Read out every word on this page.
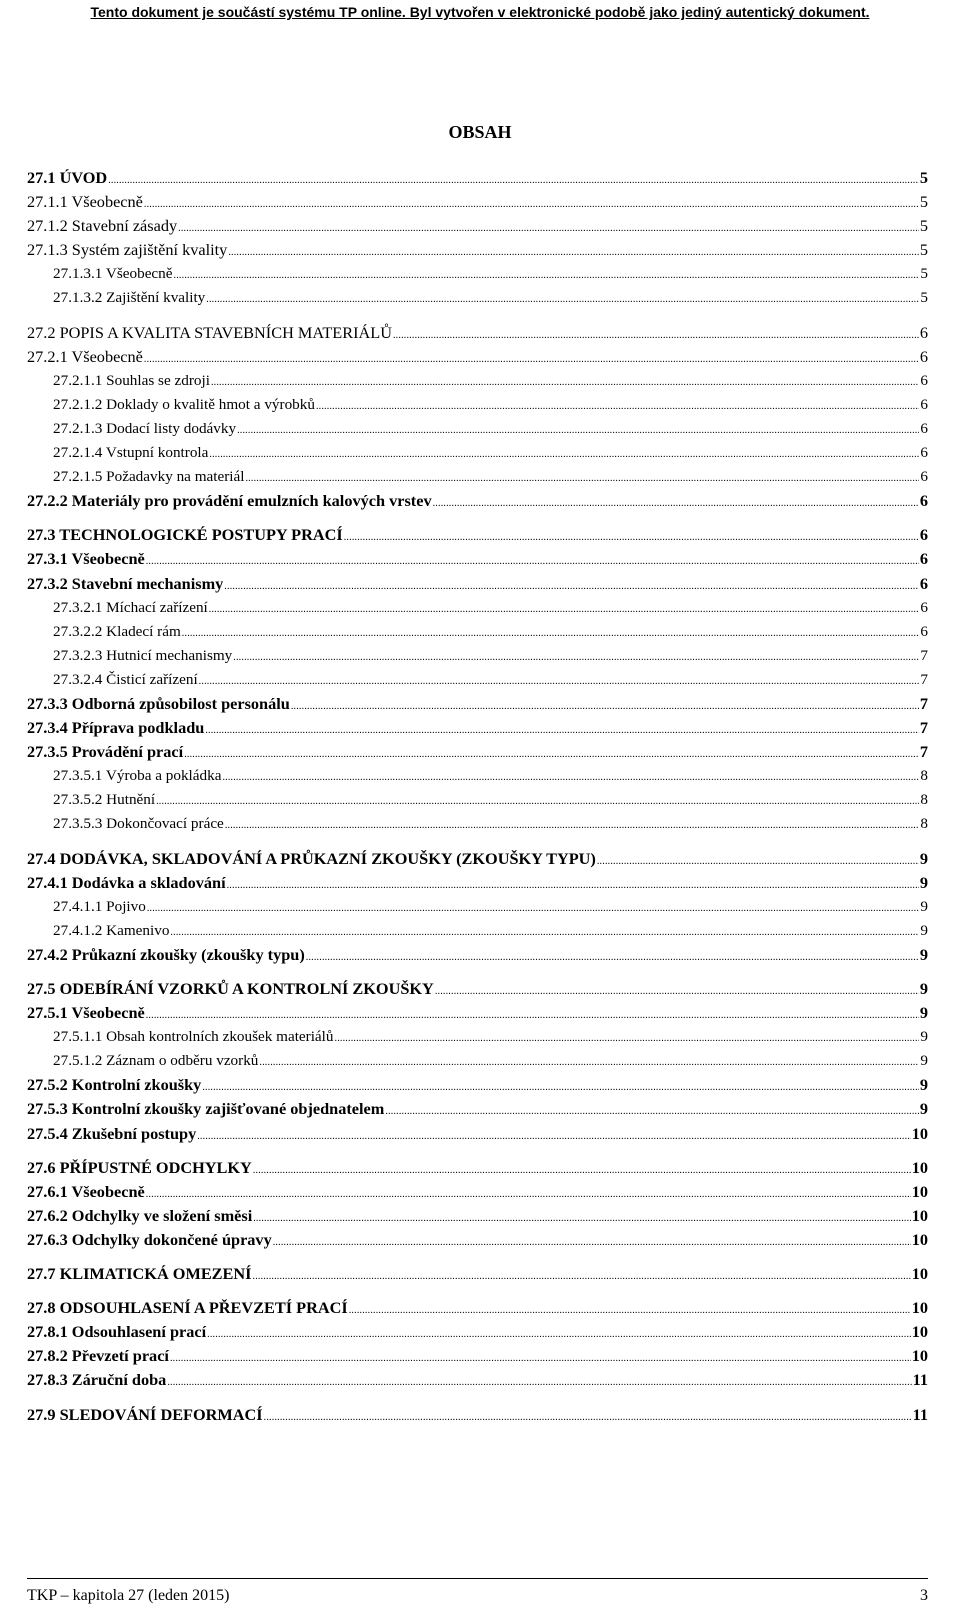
Tento dokument je součástí systému TP online. Byl vytvořen v elektronické podobě jako jediný autentický dokument.
OBSAH
27.1 ÚVOD .....	5
27.1.1 Všeobecně .....	5
27.1.2 Stavební zásady .....	5
27.1.3 Systém zajištění kvality .....	5
27.1.3.1 Všeobecně .....	5
27.1.3.2 Zajištění kvality .....	5
27.2 POPIS A KVALITA STAVEBNÍCH MATERIÁLŮ .....	6
27.2.1 Všeobecně .....	6
27.2.1.1 Souhlas se zdroji .....	6
27.2.1.2 Doklady o kvalitě hmot a výrobků .....	6
27.2.1.3 Dodací listy dodávky .....	6
27.2.1.4 Vstupní kontrola .....	6
27.2.1.5 Požadavky na materiál .....	6
27.2.2 Materiály pro provádění emulzních kalových vrstev .....	6
27.3 TECHNOLOGICKÉ POSTUPY PRACÍ .....	6
27.3.1 Všeobecně .....	6
27.3.2 Stavební mechanismy .....	6
27.3.2.1 Míchací zařízení .....	6
27.3.2.2 Kladecí rám .....	6
27.3.2.3 Hutnicí mechanismy .....	7
27.3.2.4 Čisticí zařízení .....	7
27.3.3 Odborná způsobilost personálu .....	7
27.3.4 Příprava podkladu .....	7
27.3.5 Provádění prací .....	7
27.3.5.1 Výroba a pokládka .....	8
27.3.5.2 Hutnění .....	8
27.3.5.3 Dokončovací práce .....	8
27.4 DODÁVKA, SKLADOVÁNÍ A PRŮKAZNÍ ZKOUŠKY (ZKOUŠKY TYPU) .....	9
27.4.1 Dodávka a skladování .....	9
27.4.1.1 Pojivo .....	9
27.4.1.2 Kamenivo .....	9
27.4.2 Průkazní zkoušky (zkoušky typu) .....	9
27.5 ODEBÍRÁNÍ VZORKŮ A KONTROLNÍ ZKOUŠKY .....	9
27.5.1 Všeobecně .....	9
27.5.1.1 Obsah kontrolních zkoušek materiálů .....	9
27.5.1.2 Záznam o odběru vzorků .....	9
27.5.2 Kontrolní zkoušky .....	9
27.5.3 Kontrolní zkoušky zajišťované objednatelem .....	9
27.5.4 Zkušební postupy .....	10
27.6 PŘÍPUSTNÉ ODCHYLKY .....	10
27.6.1 Všeobecně .....	10
27.6.2 Odchylky ve složení směsi .....	10
27.6.3 Odchylky dokončené úpravy .....	10
27.7 KLIMATICKÁ OMEZENÍ .....	10
27.8 ODSOUHLASENÍ A PŘEVZETÍ PRACÍ .....	10
27.8.1 Odsouhlasení prací .....	10
27.8.2 Převzetí prací .....	10
27.8.3 Záruční doba .....	11
27.9 SLEDOVÁNÍ DEFORMACÍ .....	11
TKP – kapitola 27 (leden 2015)	3
